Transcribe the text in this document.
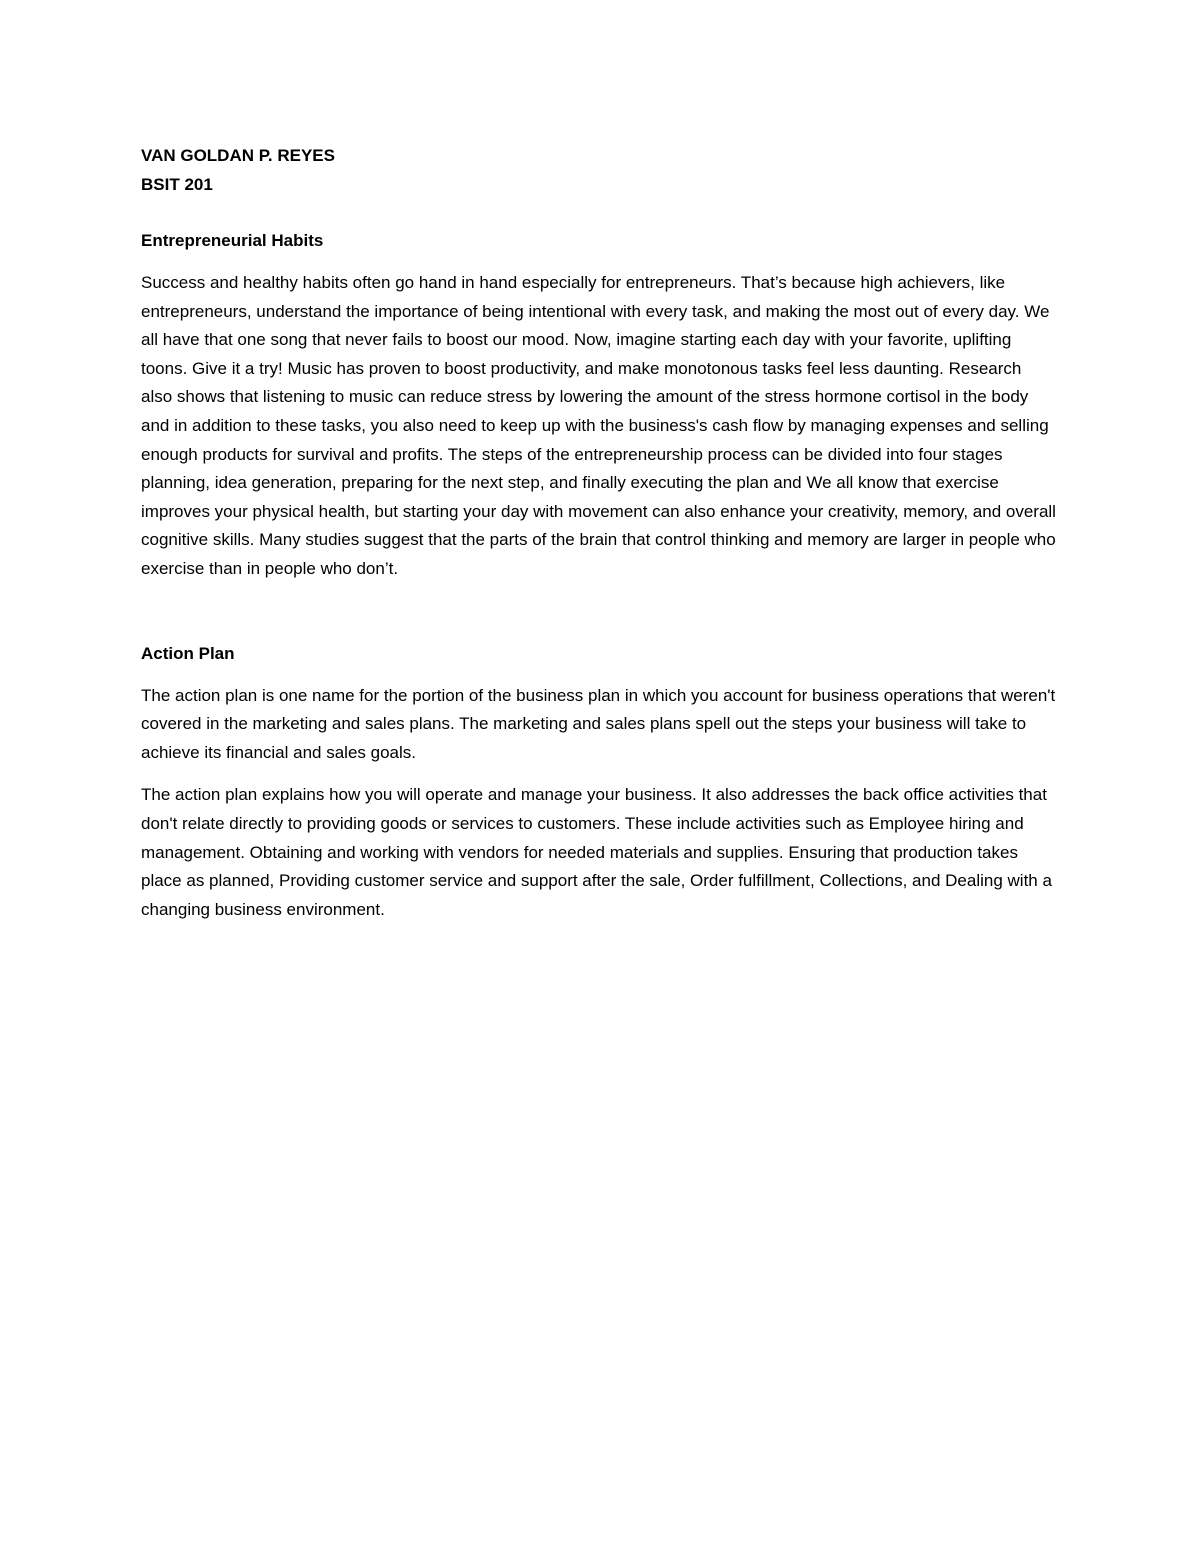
VAN GOLDAN P. REYES

BSIT 201

Entrepreneurial Habits

Success and healthy habits often go hand in hand especially for entrepreneurs. That’s because high achievers, like entrepreneurs, understand the importance of being intentional with every task, and making the most out of every day. We all have that one song that never fails to boost our mood. Now, imagine starting each day with your favorite, uplifting toons. Give it a try! Music has proven to boost productivity, and make monotonous tasks feel less daunting. Research also shows that listening to music can reduce stress by lowering the amount of the stress hormone cortisol in the body and in addition to these tasks, you also need to keep up with the business's cash flow by managing expenses and selling enough products for survival and profits. The steps of the entrepreneurship process can be divided into four stages planning, idea generation, preparing for the next step, and finally executing the plan and We all know that exercise improves your physical health, but starting your day with movement can also enhance your creativity, memory, and overall cognitive skills. Many studies suggest that the parts of the brain that control thinking and memory are larger in people who exercise than in people who don’t.

Action Plan

The action plan is one name for the portion of the business plan in which you account for business operations that weren't covered in the marketing and sales plans. The marketing and sales plans spell out the steps your business will take to achieve its financial and sales goals.

The action plan explains how you will operate and manage your business. It also addresses the back office activities that don't relate directly to providing goods or services to customers. These include activities such as Employee hiring and management. Obtaining and working with vendors for needed materials and supplies. Ensuring that production takes place as planned, Providing customer service and support after the sale, Order fulfillment, Collections, and Dealing with a changing business environment.
